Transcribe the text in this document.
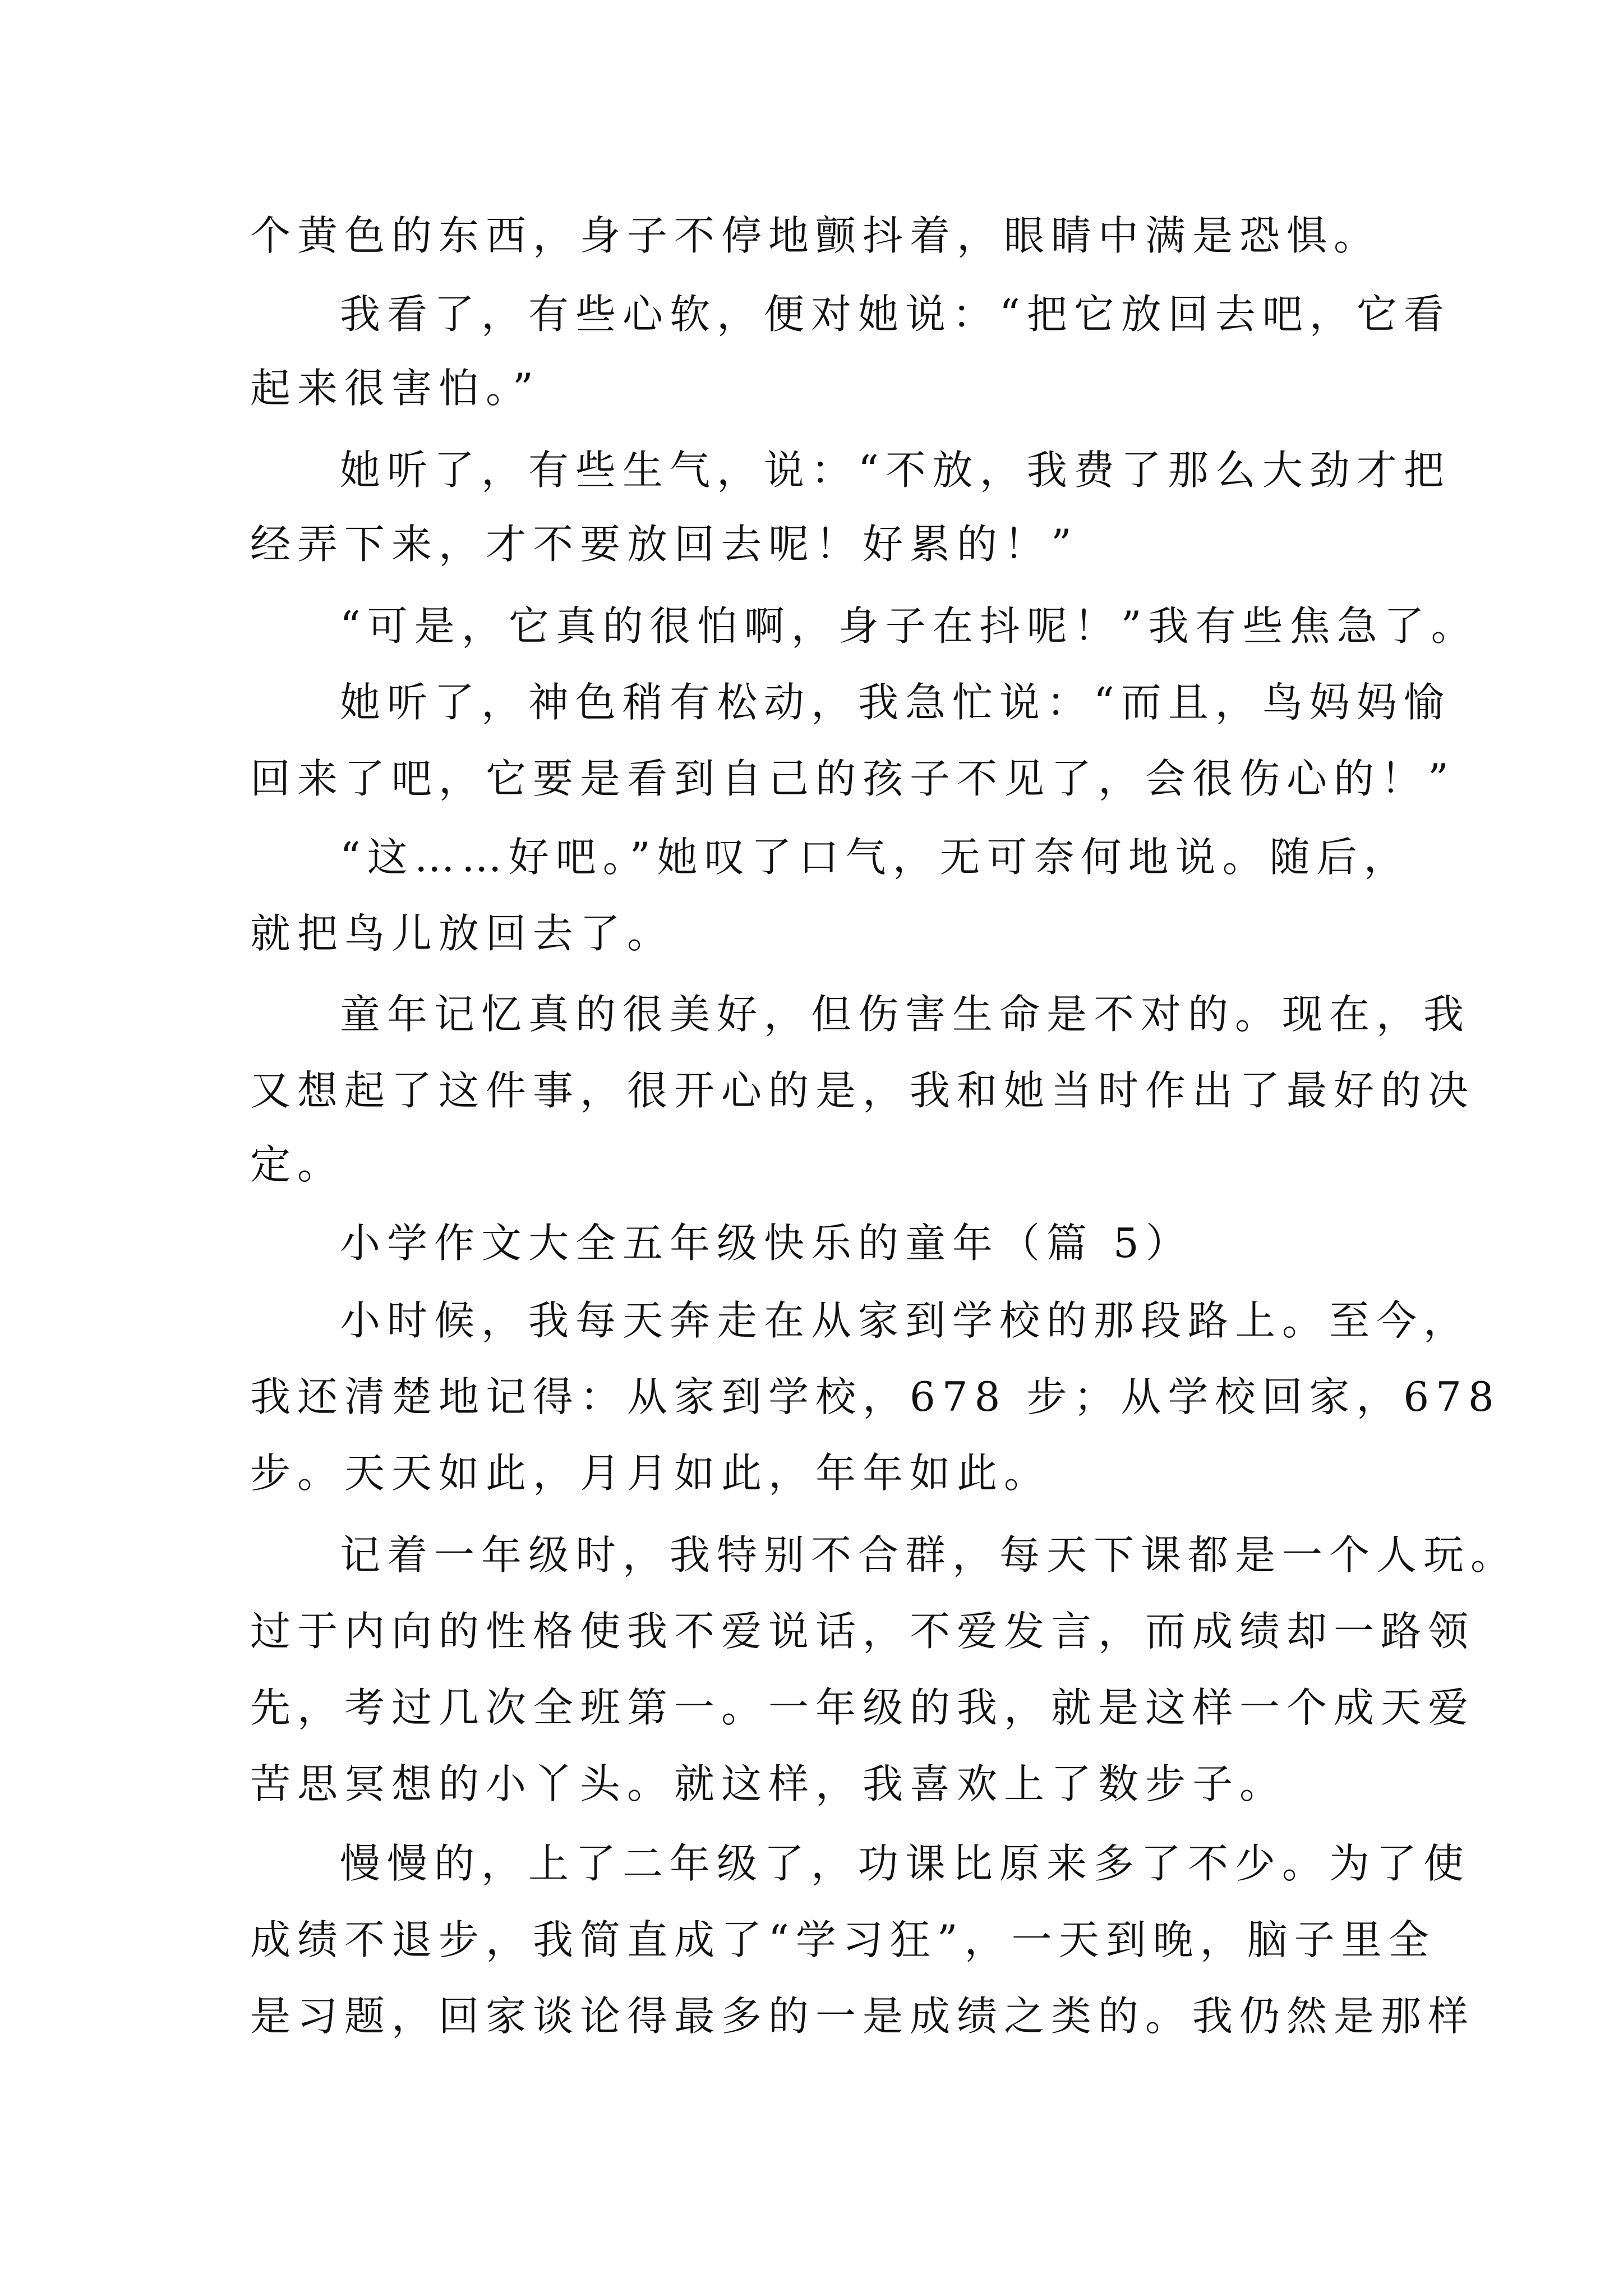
个黄色的东西，身子不停地颤抖着，眼睛中满是恐惧。
我看了，有些心软，便对她说：“把它放回去吧，它看
起来很害怕。”
她听了，有些生气，说：“不放，我费了那么大劲才把
经弄下来，才不要放回去呢！好累的！”
“可是，它真的很怕啊，身子在抖呢！”我有些焦急了。
她听了，神色稍有松动，我急忙说：“而且，鸟妈妈愉
回来了吧，它要是看到自己的孩子不见了，会很伤心的！”
“这……好吧。”她叹了口气，无可奈何地说。随后，
就把鸟儿放回去了。
童年记忆真的很美好，但伤害生命是不对的。现在，我
又想起了这件事，很开心的是，我和她当时作出了最好的决
定。
小学作文大全五年级快乐的童年（篇 5）
小时候，我每天奔走在从家到学校的那段路上。至今，
我还清楚地记得：从家到学校，678 步；从学校回家，678
步。天天如此，月月如此，年年如此。
记着一年级时，我特别不合群，每天下课都是一个人玩。
过于内向的性格使我不爱说话，不爱发言，而成绩却一路领
先，考过几次全班第一。一年级的我，就是这样一个成天爱
苦思冥想的小丫头。就这样，我喜欢上了数步子。
慢慢的，上了二年级了，功课比原来多了不少。为了使
成绩不退步，我简直成了“学习狂”，一天到晚，脑子里全
是习题，回家谈论得最多的一是成绩之类的。我仍然是那样
